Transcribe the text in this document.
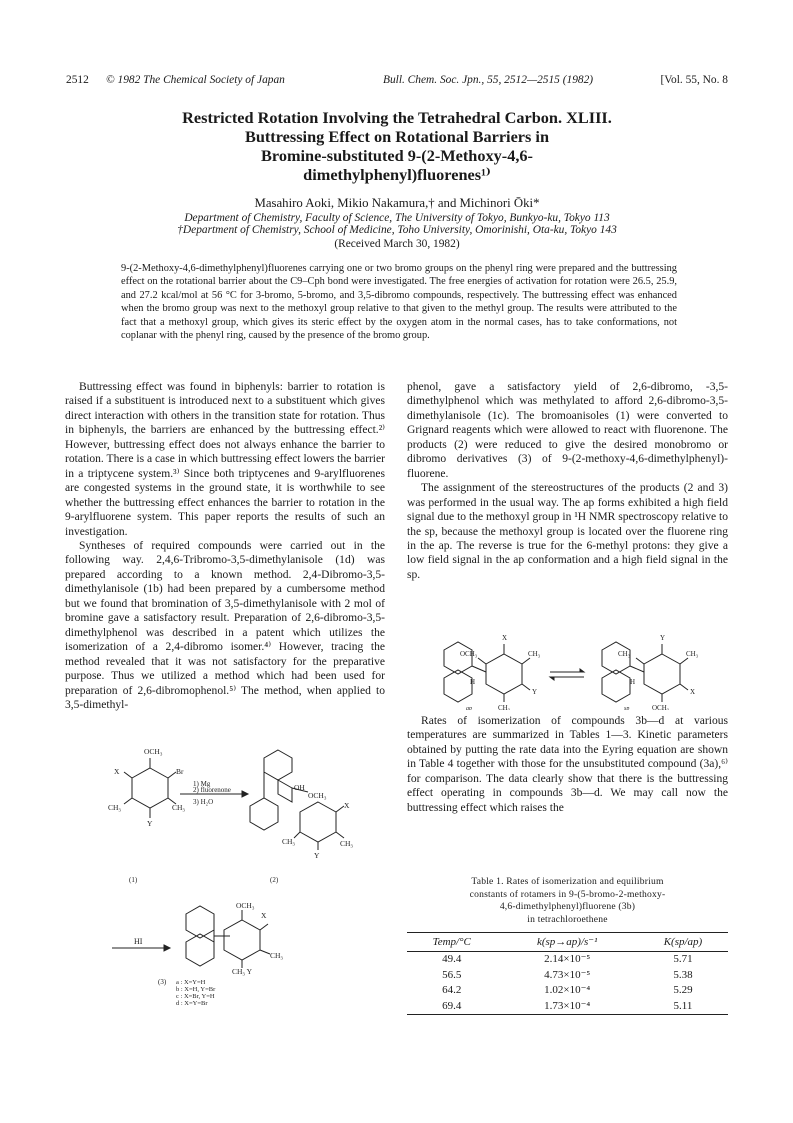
2512 © 1982 The Chemical Society of Japan	Bull. Chem. Soc. Jpn., 55, 2512—2515 (1982)	[Vol. 55, No. 8
Restricted Rotation Involving the Tetrahedral Carbon. XLIII.
Buttressing Effect on Rotational Barriers in
Bromine-substituted 9-(2-Methoxy-4,6-
dimethylphenyl)fluorenes¹⁾
Masahiro Aoki, Mikio Nakamura,† and Michinori Ōki*
Department of Chemistry, Faculty of Science, The University of Tokyo, Bunkyo-ku, Tokyo 113
†Department of Chemistry, School of Medicine, Toho University, Omorinishi, Ota-ku, Tokyo 143
(Received March 30, 1982)
9-(2-Methoxy-4,6-dimethylphenyl)fluorenes carrying one or two bromo groups on the phenyl ring were prepared and the buttressing effect on the rotational barrier about the C9–Cph bond were investigated. The free energies of activation for rotation were 26.5, 25.9, and 27.2 kcal/mol at 56 °C for 3-bromo, 5-bromo, and 3,5-dibromo compounds, respectively. The buttressing effect was enhanced when the bromo group was next to the methoxyl group relative to that given to the methyl group. The results were attributed to the fact that a methoxyl group, which gives its steric effect by the oxygen atom in the normal cases, has to take conformations, not coplanar with the phenyl ring, caused by the presence of the bromo group.

Buttressing effect was found in biphenyls: barrier to rotation is raised if a substituent is introduced next to a substituent which gives direct interaction with others in the transition state for rotation. Thus in biphenyls, the barriers are enhanced by the buttressing effect.²⁾ However, buttressing effect does not always enhance the barrier to rotation. There is a case in which buttressing effect lowers the barrier in a triptycene system.³⁾ Since both triptycenes and 9-arylfluorenes are congested systems in the ground state, it is worthwhile to see whether the buttressing effect enhances the barrier to rotation in the 9-arylfluorene system. This paper reports the results of such an investigation.

Syntheses of required compounds were carried out in the following way. 2,4,6-Tribromo-3,5-dimethylanisole (1d) was prepared according to a known method. 2,4-Dibromo-3,5-dimethylanisole (1b) had been prepared by a cumbersome method but we found that bromination of 3,5-dimethylanisole with 2 mol of bromine gave a satisfactory result. Preparation of 2,6-dibromo-3,5-dimethylphenol was described in a patent which utilizes the isomerization of a 2,4-dibromo isomer.⁴⁾ However, tracing the method revealed that it was not satisfactory for the preparative purpose. Thus we utilized a method which had been used for preparation of 2,6-dibromophenol.⁵⁾ The method, when applied to 3,5-dimethyl-

OCH₃
X	Br
CH₃	CH₃
Y
1) Mg
2) fluorenone
3) H₂O
(1)
OH
OCH₃
X
CH₃	CH₃
Y
(2)
HI
OCH₃
X
CH₃
CH₃ Y
(3) a : X=Y=H
b : X=H, Y=Br
c : X=Br, Y=H
d : X=Y=Br

phenol, gave a satisfactory yield of 2,6-dibromo, -3,5-dimethylphenol which was methylated to afford 2,6-dibromo-3,5-dimethylanisole (1c). The bromoanisoles (1) were converted to Grignard reagents which were allowed to react with fluorenone. The products (2) were reduced to give the desired monobromo or dibromo derivatives (3) of 9-(2-methoxy-4,6-dimethylphenyl)-fluorene.

The assignment of the stereostructures of the products (2 and 3) was performed in the usual way. The ap forms exhibited a high field signal due to the methoxyl group in ¹H NMR spectroscopy relative to the sp, because the methoxyl group is located over the fluorene ring in the ap. The reverse is true for the 6-methyl protons: they give a low field signal in the ap conformation and a high field signal in the sp.

X
OCH₃	CH₃
Y
H
CH₃
ap
Y
CH₃	CH₃
X
H
OCH₃
sp

Rates of isomerization of compounds 3b—d at various temperatures are summarized in Tables 1—3. Kinetic parameters obtained by putting the rate data into the Eyring equation are shown in Table 4 together with those for the unsubstituted compound (3a),⁶⁾ for comparison. The data clearly show that there is the buttressing effect operating in compounds 3b—d. We may call now the buttressing effect which raises the

Table 1. Rates of isomerization and equilibrium
constants of rotamers in 9-(5-bromo-2-methoxy-
4,6-dimethylphenyl)fluorene (3b)
in tetrachloroethene
Temp/°C	k(sp→ap)/s⁻¹	K(sp/ap)
49.4	2.14×10⁻⁵	5.71
56.5	4.73×10⁻⁵	5.38
64.2	1.02×10⁻⁴	5.29
69.4	1.73×10⁻⁴	5.11
